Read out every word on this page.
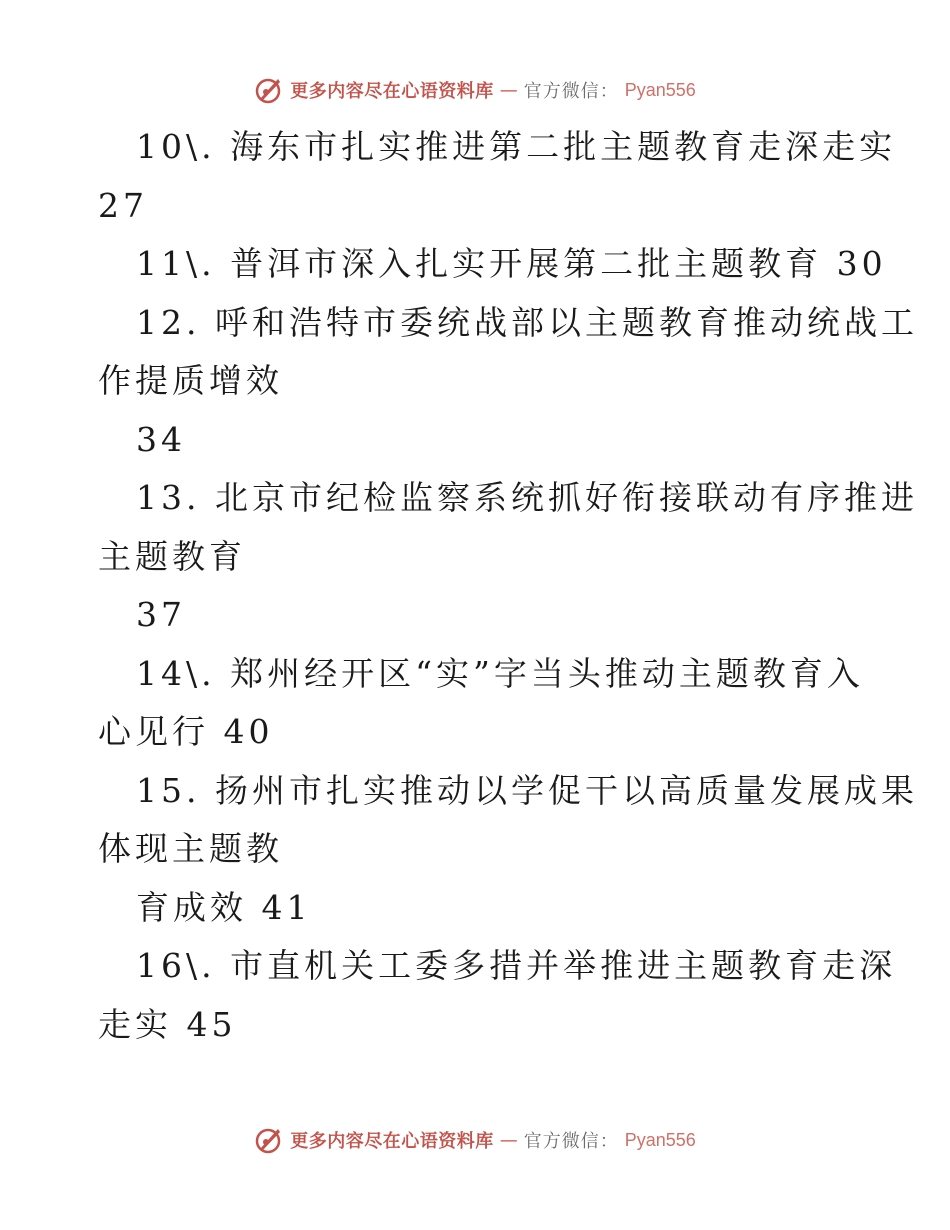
更多内容尽在心语资料库 — 官方微信： Pyan556
10\. 海东市扎实推进第二批主题教育走深走实
27
11\. 普洱市深入扎实开展第二批主题教育 30
12. 呼和浩特市委统战部以主题教育推动统战工
作提质增效
34
13. 北京市纪检监察系统抓好衔接联动有序推进
主题教育
37
14\. 郑州经开区“实”字当头推动主题教育入
心见行 40
15. 扬州市扎实推动以学促干以高质量发展成果
体现主题教
育成效 41
16\. 市直机关工委多措并举推进主题教育走深
走实 45
更多内容尽在心语资料库 — 官方微信： Pyan556
